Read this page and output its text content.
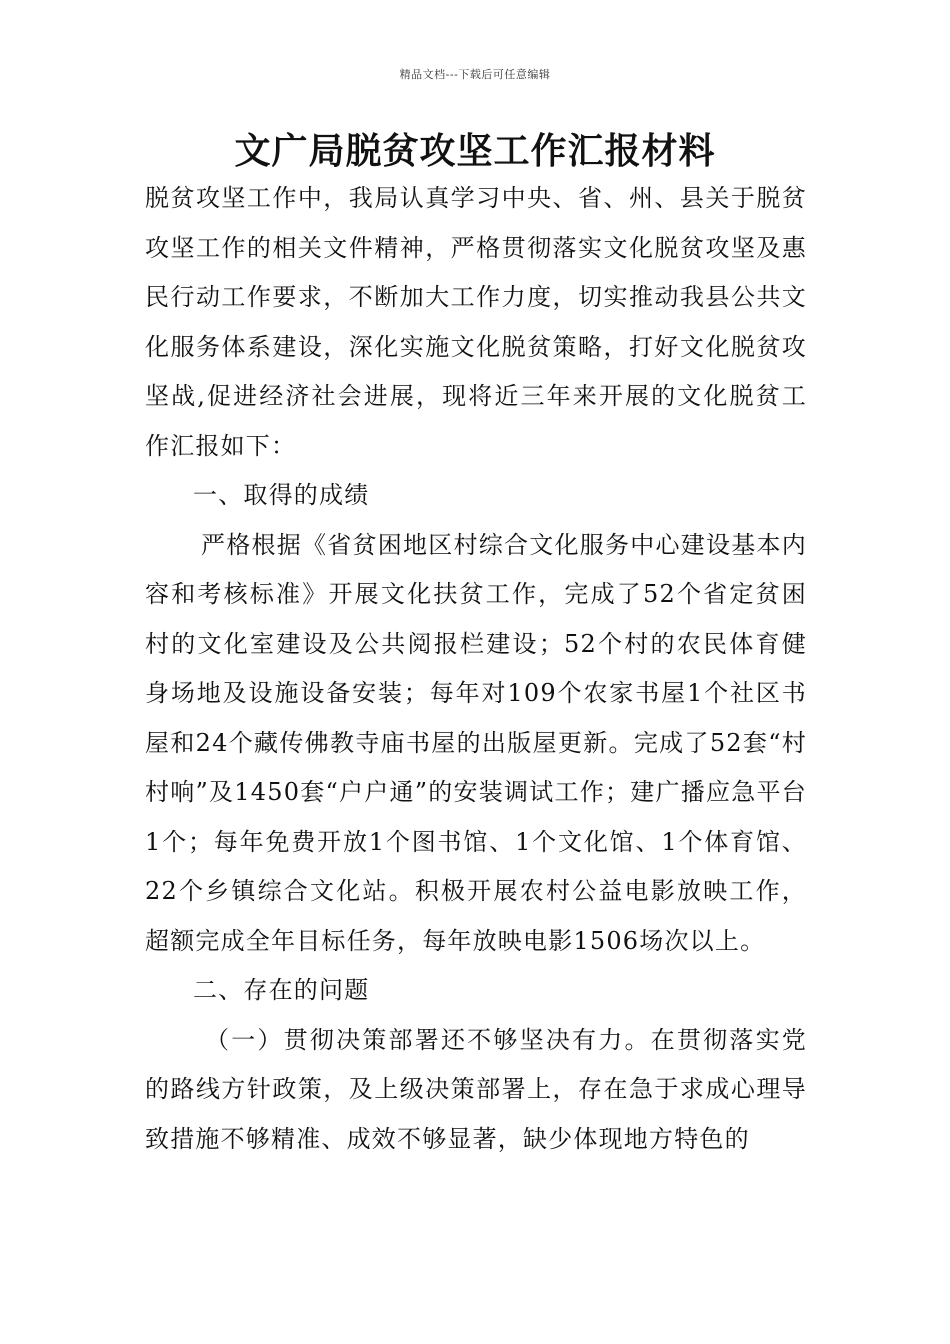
精品文档---下载后可任意编辑
文广局脱贫攻坚工作汇报材料

脱贫攻坚工作中，我局认真学习中央、省、州、县关于脱贫攻坚工作的相关文件精神，严格贯彻落实文化脱贫攻坚及惠民行动工作要求，不断加大工作力度，切实推动我县公共文化服务体系建设，深化实施文化脱贫策略，打好文化脱贫攻坚战,促进经济社会进展，现将近三年来开展的文化脱贫工作汇报如下：

一、取得的成绩

严格根据《省贫困地区村综合文化服务中心建设基本内容和考核标准》开展文化扶贫工作，完成了52个省定贫困村的文化室建设及公共阅报栏建设；52个村的农民体育健身场地及设施设备安装；每年对109个农家书屋1个社区书屋和24个藏传佛教寺庙书屋的出版屋更新。完成了52套“村村响”及1450套“户户通”的安装调试工作；建广播应急平台1个；每年免费开放1个图书馆、1个文化馆、1个体育馆、22个乡镇综合文化站。积极开展农村公益电影放映工作，超额完成全年目标任务，每年放映电影1506场次以上。

二、存在的问题

（一）贯彻决策部署还不够坚决有力。在贯彻落实党的路线方针政策，及上级决策部署上，存在急于求成心理导致措施不够精准、成效不够显著，缺少体现地方特色的
